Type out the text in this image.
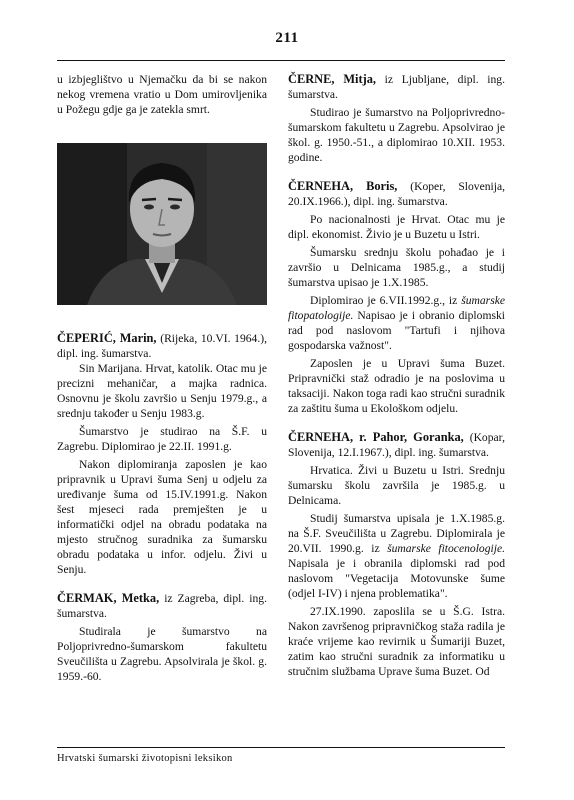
211

u izbjeglištvo u Njemačku da bi se nakon nekog vremena vratio u Dom umirovljenika u Požegu gdje ga je zatekla smrt.

ČEPERIĆ, Marin, (Rijeka, 10.VI. 1964.), dipl. ing. šumarstva.

Sin Marijana. Hrvat, katolik. Otac mu je precizni mehaničar, a majka radnica. Osnovnu je školu završio u Senju 1979.g., a srednju također u Senju 1983.g.

Šumarstvo je studirao na Š.F. u Zagrebu. Diplomirao je 22.II. 1991.g.

Nakon diplomiranja zaposlen je kao pripravnik u Upravi šuma Senj u odjelu za uređivanje šuma od 15.IV.1991.g. Nakon šest mjeseci rada premješten je u informatički odjel na obradu podataka na mjesto stručnog suradnika za šumarsku obradu podataka u infor. odjelu. Živi u Senju.

ČERMAK, Metka, iz Zagreba, dipl. ing. šumarstva.

Studirala je šumarstvo na Poljoprivredno-šumarskom fakultetu Sveučilišta u Zagrebu. Apsolvirala je škol. g. 1959.-60.

ČERNE, Mitja, iz Ljubljane, dipl. ing. šumarstva.

Studirao je šumarstvo na Poljoprivredno-šumarskom fakultetu u Zagrebu. Apsolvirao je škol. g. 1950.-51., a diplomirao 10.XII. 1953. godine.

ČERNEHA, Boris, (Koper, Slovenija, 20.IX.1966.), dipl. ing. šumarstva.

Po nacionalnosti je Hrvat. Otac mu je dipl. ekonomist. Živio je u Buzetu u Istri.

Šumarsku srednju školu pohađao je i završio u Delnicama 1985.g., a studij šumarstva upisao je 1.X.1985.

Diplomirao je 6.VII.1992.g., iz šumarske fitopatologije. Napisao je i obranio diplomski rad pod naslovom "Tartufi i njihova gospodarska važnost".

Zaposlen je u Upravi šuma Buzet. Pripravnički staž odradio je na poslovima u taksaciji. Nakon toga radi kao stručni suradnik za zaštitu šuma u Ekološkom odjelu.

ČERNEHA, r. Pahor, Goranka, (Kopar, Slovenija, 12.I.1967.), dipl. ing. šumarstva.

Hrvatica. Živi u Buzetu u Istri. Srednju šumarsku školu završila je 1985.g. u Delnicama.

Studij šumarstva upisala je 1.X.1985.g. na Š.F. Sveučilišta u Zagrebu. Diplomirala je 20.VII. 1990.g. iz šumarske fitocenologije. Napisala je i obranila diplomski rad pod naslovom "Vegetacija Motovunske šume (odjel I-IV) i njena problematika".

27.IX.1990. zaposlila se u Š.G. Istra. Nakon završenog pripravničkog staža radila je kraće vrijeme kao revirnik u Šumariji Buzet, zatim kao stručni suradnik za informatiku u stručnim službama Uprave šuma Buzet. Od

Hrvatski šumarski životopisni leksikon
